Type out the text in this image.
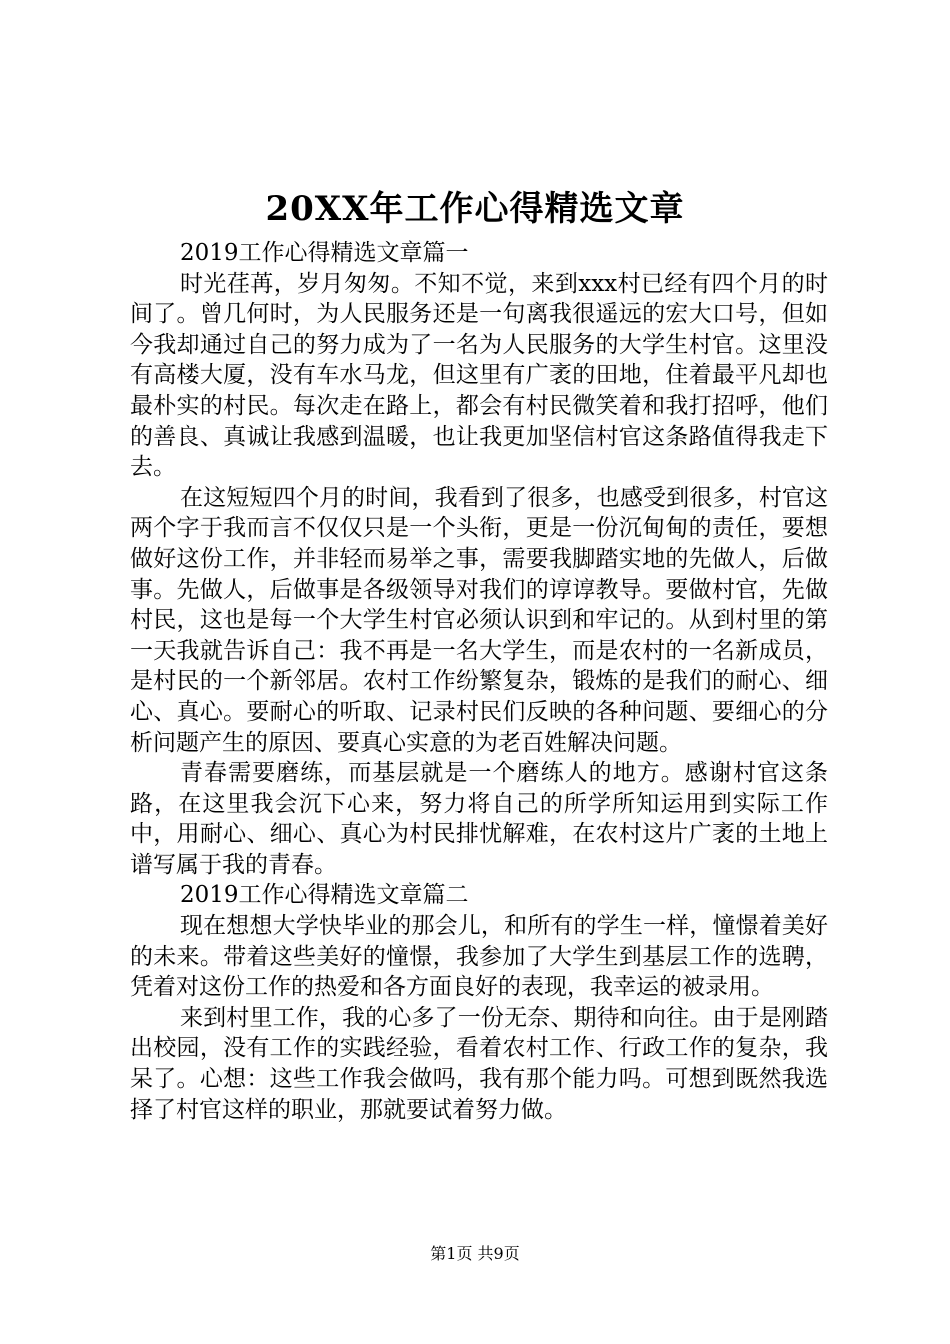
20XX年工作心得精选文章

2019工作心得精选文章篇一

时光荏苒，岁月匆匆。不知不觉，来到xxx村已经有四个月的时间了。曾几何时，为人民服务还是一句离我很遥远的宏大口号，但如今我却通过自己的努力成为了一名为人民服务的大学生村官。这里没有高楼大厦，没有车水马龙，但这里有广袤的田地，住着最平凡却也最朴实的村民。每次走在路上，都会有村民微笑着和我打招呼，他们的善良、真诚让我感到温暖，也让我更加坚信村官这条路值得我走下去。

在这短短四个月的时间，我看到了很多，也感受到很多，村官这两个字于我而言不仅仅只是一个头衔，更是一份沉甸甸的责任，要想做好这份工作，并非轻而易举之事，需要我脚踏实地的先做人，后做事。先做人，后做事是各级领导对我们的谆谆教导。要做村官，先做村民，这也是每一个大学生村官必须认识到和牢记的。从到村里的第一天我就告诉自己：我不再是一名大学生，而是农村的一名新成员，是村民的一个新邻居。农村工作纷繁复杂，锻炼的是我们的耐心、细心、真心。要耐心的听取、记录村民们反映的各种问题、要细心的分析问题产生的原因、要真心实意的为老百姓解决问题。

青春需要磨练，而基层就是一个磨练人的地方。感谢村官这条路，在这里我会沉下心来，努力将自己的所学所知运用到实际工作中，用耐心、细心、真心为村民排忧解难，在农村这片广袤的土地上谱写属于我的青春。

2019工作心得精选文章篇二

现在想想大学快毕业的那会儿，和所有的学生一样，憧憬着美好的未来。带着这些美好的憧憬，我参加了大学生到基层工作的选聘，凭着对这份工作的热爱和各方面良好的表现，我幸运的被录用。

来到村里工作，我的心多了一份无奈、期待和向往。由于是刚踏出校园，没有工作的实践经验，看着农村工作、行政工作的复杂，我呆了。心想：这些工作我会做吗，我有那个能力吗。可想到既然我选择了村官这样的职业，那就要试着努力做。

第1页 共9页
